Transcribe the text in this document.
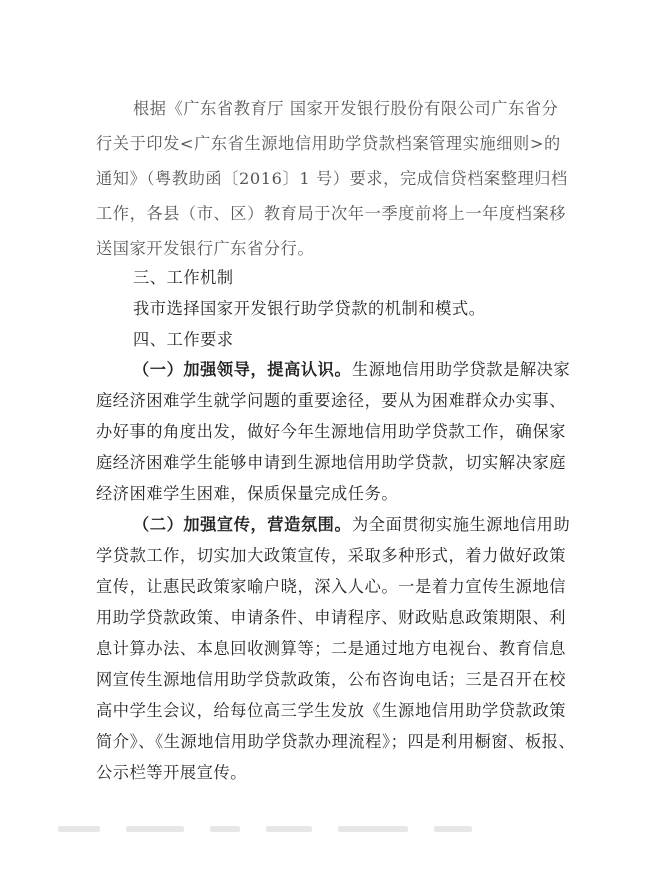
根据《广东省教育厅 国家开发银行股份有限公司广东省分
行关于印发<广东省生源地信用助学贷款档案管理实施细则>的
通知》（粤教助函〔2016〕1 号）要求，完成信贷档案整理归档
工作，各县（市、区）教育局于次年一季度前将上一年度档案移
送国家开发银行广东省分行。
三、工作机制
我市选择国家开发银行助学贷款的机制和模式。
四、工作要求
（一）加强领导，提高认识。 生源地信用助学贷款是解决家
庭经济困难学生就学问题的重要途径，要从为困难群众办实事、
办好事的角度出发，做好今年生源地信用助学贷款工作，确保家
庭经济困难学生能够申请到生源地信用助学贷款，切实解决家庭
经济困难学生困难，保质保量完成任务。
（二）加强宣传，营造氛围。 为全面贯彻实施生源地信用助
学贷款工作，切实加大政策宣传，采取多种形式，着力做好政策
宣传，让惠民政策家喻户晓，深入人心。一是着力宣传生源地信
用助学贷款政策、申请条件、申请程序、财政贴息政策期限、利
息计算办法、本息回收测算等；二是通过地方电视台、教育信息
网宣传生源地信用助学贷款政策，公布咨询电话；三是召开在校
高中学生会议，给每位高三学生发放《生源地信用助学贷款政策
简介》、《生源地信用助学贷款办理流程》；四是利用橱窗、板报、
公示栏等开展宣传。
